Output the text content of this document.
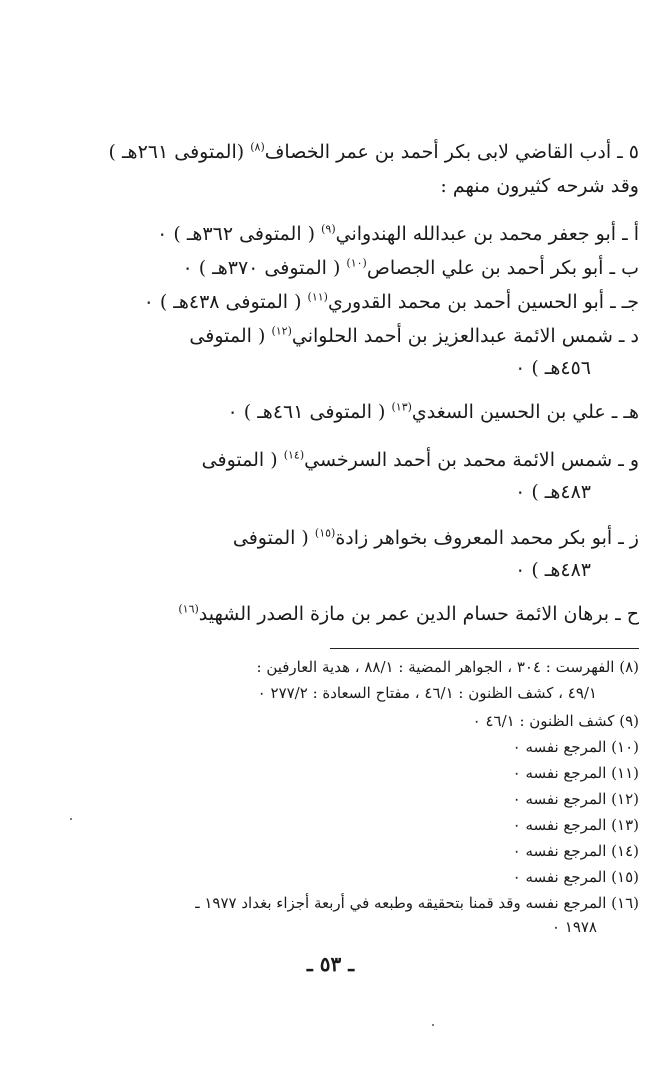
٥ ـ أدب القاضي لابى بكر أحمد بن عمر الخصاف$^{(٨)}$ (المتوفى ٢٦١هـ )
وقد شرحه كثيرون منهم :
أ ـ أبو جعفر محمد بن عبدالله الهندواني$^{(٩)}$ ( المتوفى ٣٦٢هـ ) ٠
ب ـ أبو بكر أحمد بن علي الجصاص$^{(١٠)}$ ( المتوفى ٣٧٠هـ ) ٠
جـ ـ أبو الحسين أحمد بن محمد القدوري$^{(١١)}$ ( المتوفى ٤٣٨هـ ) ٠
د ـ شمس الائمة عبدالعزيز بن أحمد الحلواني$^{(١٢)}$ ( المتوفى
٤٥٦هـ ) ٠
هـ ـ علي بن الحسين السغدي$^{(١٣)}$ ( المتوفى ٤٦١هـ ) ٠
و ـ شمس الائمة محمد بن أحمد السرخسي$^{(١٤)}$ ( المتوفى
٤٨٣هـ ) ٠
ز ـ أبو بكر محمد المعروف بخواهر زادة$^{(١٥)}$ ( المتوفى
٤٨٣هـ ) ٠
ح ـ برهان الائمة حسام الدين عمر بن مازة الصدر الشهيد$^{(١٦)}$
(٨) الفهرست : ٣٠٤ ، الجواهر المضية : ٨٨/١ ، هدية العارفين :
٤٩/١ ، كشف الظنون : ٤٦/١ ، مفتاح السعادة : ٢٧٧/٢ ٠
(٩) كشف الظنون : ٤٦/١ ٠
(١٠) المرجع نفسه ٠
(١١) المرجع نفسه ٠
(١٢) المرجع نفسه ٠
(١٣) المرجع نفسه ٠
(١٤) المرجع نفسه ٠
(١٥) المرجع نفسه ٠
(١٦) المرجع نفسه وقد قمنا بتحقيقه وطبعه في أربعة أجزاء بغداد ١٩٧٧ ـ
١٩٧٨ ٠
ـ ٥٣ ـ
